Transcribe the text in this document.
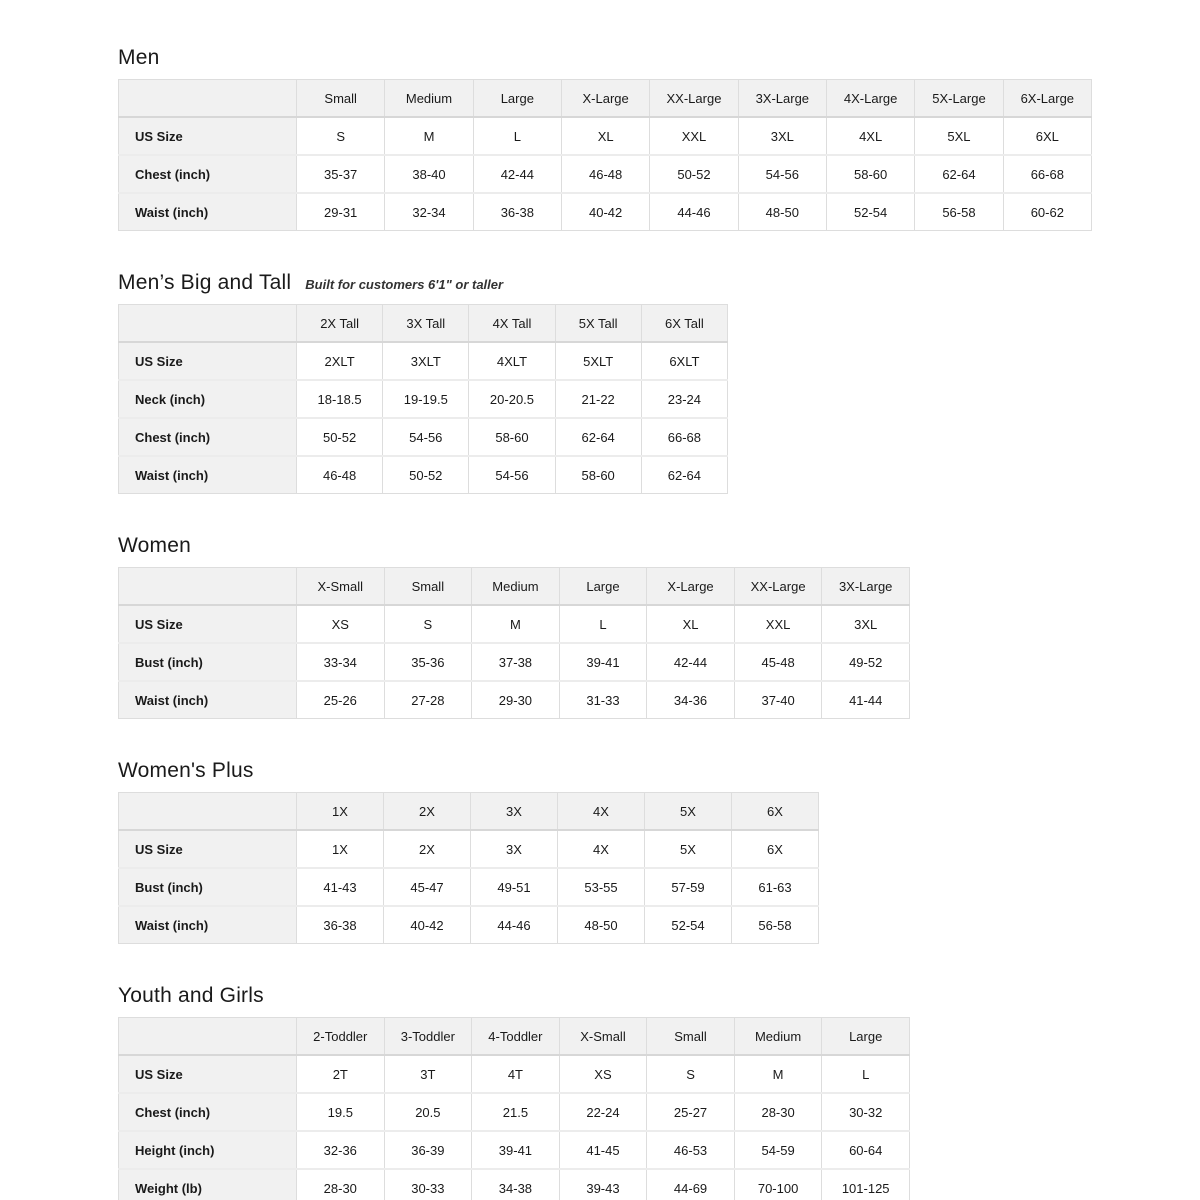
Men
	Small	Medium	Large	X-Large	XX-Large	3X-Large	4X-Large	5X-Large	6X-Large
US Size	S	M	L	XL	XXL	3XL	4XL	5XL	6XL
Chest (inch)	35-37	38-40	42-44	46-48	50-52	54-56	58-60	62-64	66-68
Waist (inch)	29-31	32-34	36-38	40-42	44-46	48-50	52-54	56-58	60-62
Men’s Big and Tall Built for customers 6'1" or taller
	2X Tall	3X Tall	4X Tall	5X Tall	6X Tall
US Size	2XLT	3XLT	4XLT	5XLT	6XLT
Neck (inch)	18-18.5	19-19.5	20-20.5	21-22	23-24
Chest (inch)	50-52	54-56	58-60	62-64	66-68
Waist (inch)	46-48	50-52	54-56	58-60	62-64
Women
	X-Small	Small	Medium	Large	X-Large	XX-Large	3X-Large
US Size	XS	S	M	L	XL	XXL	3XL
Bust (inch)	33-34	35-36	37-38	39-41	42-44	45-48	49-52
Waist (inch)	25-26	27-28	29-30	31-33	34-36	37-40	41-44
Women's Plus
	1X	2X	3X	4X	5X	6X
US Size	1X	2X	3X	4X	5X	6X
Bust (inch)	41-43	45-47	49-51	53-55	57-59	61-63
Waist (inch)	36-38	40-42	44-46	48-50	52-54	56-58
Youth and Girls
	2-Toddler	3-Toddler	4-Toddler	X-Small	Small	Medium	Large
US Size	2T	3T	4T	XS	S	M	L
Chest (inch)	19.5	20.5	21.5	22-24	25-27	28-30	30-32
Height (inch)	32-36	36-39	39-41	41-45	46-53	54-59	60-64
Weight (lb)	28-30	30-33	34-38	39-43	44-69	70-100	101-125
